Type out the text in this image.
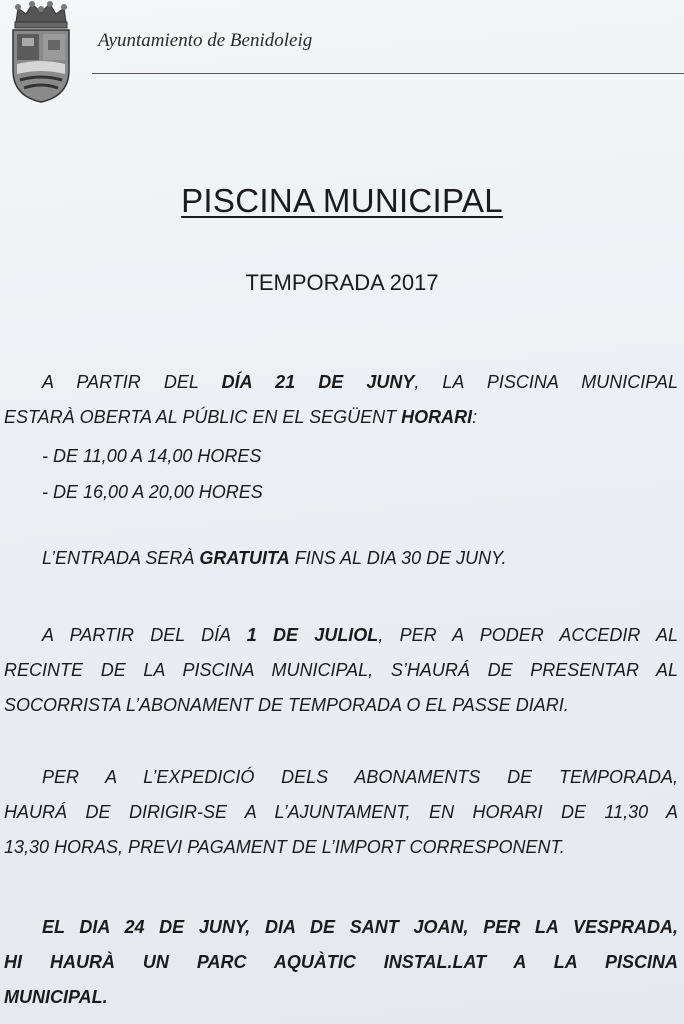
Ayuntamiento de Benidoleig
PISCINA MUNICIPAL
TEMPORADA 2017
A PARTIR DEL DÍA 21 DE JUNY, LA PISCINA MUNICIPAL
ESTARÀ OBERTA AL PÚBLIC EN EL SEGÜENT HORARI:
- DE 11,00 A 14,00 HORES
- DE 16,00 A 20,00 HORES
L’ENTRADA SERÀ GRATUITA FINS AL DIA 30 DE JUNY.
A PARTIR DEL DÍA 1 DE JULIOL, PER A PODER ACCEDIR AL
RECINTE DE LA PISCINA MUNICIPAL, S’HAURÁ DE PRESENTAR AL
SOCORRISTA L’ABONAMENT DE TEMPORADA O EL PASSE DIARI.
PER A L’EXPEDICIÓ DELS ABONAMENTS DE TEMPORADA,
HAURÁ DE DIRIGIR-SE A L’AJUNTAMENT, EN HORARI DE 11,30 A
13,30 HORAS, PREVI PAGAMENT DE L’IMPORT CORRESPONENT.
EL DIA 24 DE JUNY, DIA DE SANT JOAN, PER LA VESPRADA,
HI HAURÀ UN PARC AQUÀTIC INSTAL.LAT A LA PISCINA
MUNICIPAL.
